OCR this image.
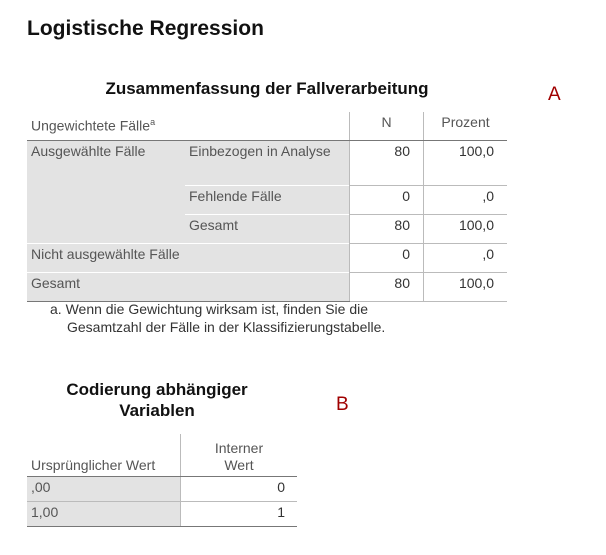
Logistische Regression
A
Zusammenfassung der Fallverarbeitung
Ungewichtete Fälle$^a$		N	Prozent
Ausgewählte Fälle	Einbezogen in Analyse	80	100,0
	Fehlende Fälle	0	,0
	Gesamt	80	100,0
Nicht ausgewählte Fälle		0	,0
Gesamt		80	100,0
a. Wenn die Gewichtung wirksam ist, finden Sie die
Gesamtzahl der Fälle in der Klassifizierungstabelle.
Codierung abhängiger
Variablen	B
Ursprünglicher Wert	Interner
Wert

,00	0
1,00	1
